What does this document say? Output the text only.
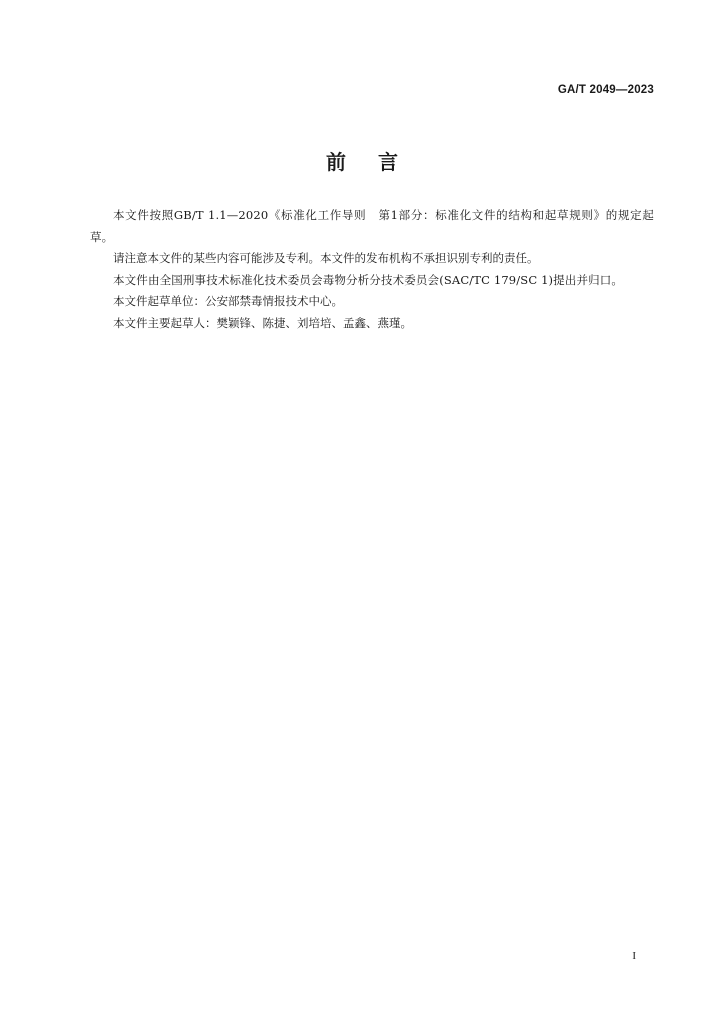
GA/T 2049—2023
前 言

本文件按照GB/T 1.1—2020《标准化工作导则　第1部分：标准化文件的结构和起草规则》的规定起草。

请注意本文件的某些内容可能涉及专利。本文件的发布机构不承担识别专利的责任。

本文件由全国刑事技术标准化技术委员会毒物分析分技术委员会(SAC/TC 179/SC 1)提出并归口。

本文件起草单位：公安部禁毒情报技术中心。

本文件主要起草人：樊颖锋、陈捷、刘培培、孟鑫、燕瑾。

I
